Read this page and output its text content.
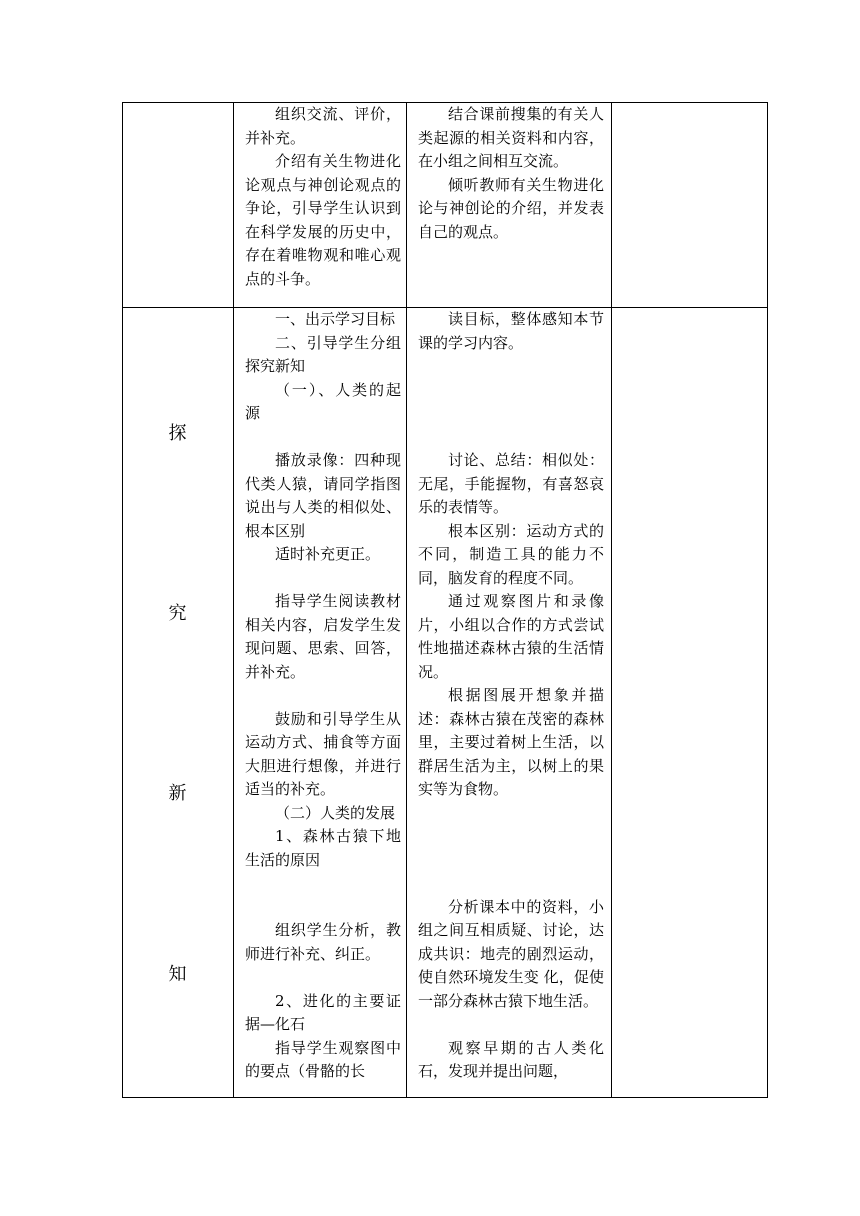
组织交流、评价，并补充。

介绍有关生物进化论观点与神创论观点的争论，引导学生认识到在科学发展的历史中，存在着唯物观和唯心观点的斗争。

结合课前搜集的有关人类起源的相关资料和内容，在小组之间相互交流。

倾听教师有关生物进化论与神创论的介绍，并发表自己的观点。

探
究
新
知

一、出示学习目标

二、引导学生分组探究新知

（一）、人类的起源

播放录像：四种现代类人猿，请同学指图说出与人类的相似处、根本区别

适时补充更正。

指导学生阅读教材相关内容，启发学生发现问题、思索、回答，并补充。

鼓励和引导学生从运动方式、捕食等方面大胆进行想像，并进行适当的补充。

（二）人类的发展

1、森林古猿下地生活的原因

组织学生分析，教师进行补充、纠正。

2、进化的主要证据—化石

指导学生观察图中的要点（骨骼的长

读目标，整体感知本节课的学习内容。

讨论、总结：相似处：无尾，手能握物，有喜怒哀乐的表情等。

根本区别：运动方式的不同，制造工具的能力不同，脑发育的程度不同。

通过观察图片和录像片，小组以合作的方式尝试性地描述森林古猿的生活情况。

根据图展开想象并描述：森林古猿在茂密的森林里，主要过着树上生活，以群居生活为主，以树上的果实等为食物。

分析课本中的资料，小组之间互相质疑、讨论，达成共识：地壳的剧烈运动，使自然环境发生变 化，促使一部分森林古猿下地生活。

观察早期的古人类化石，发现并提出问题，
